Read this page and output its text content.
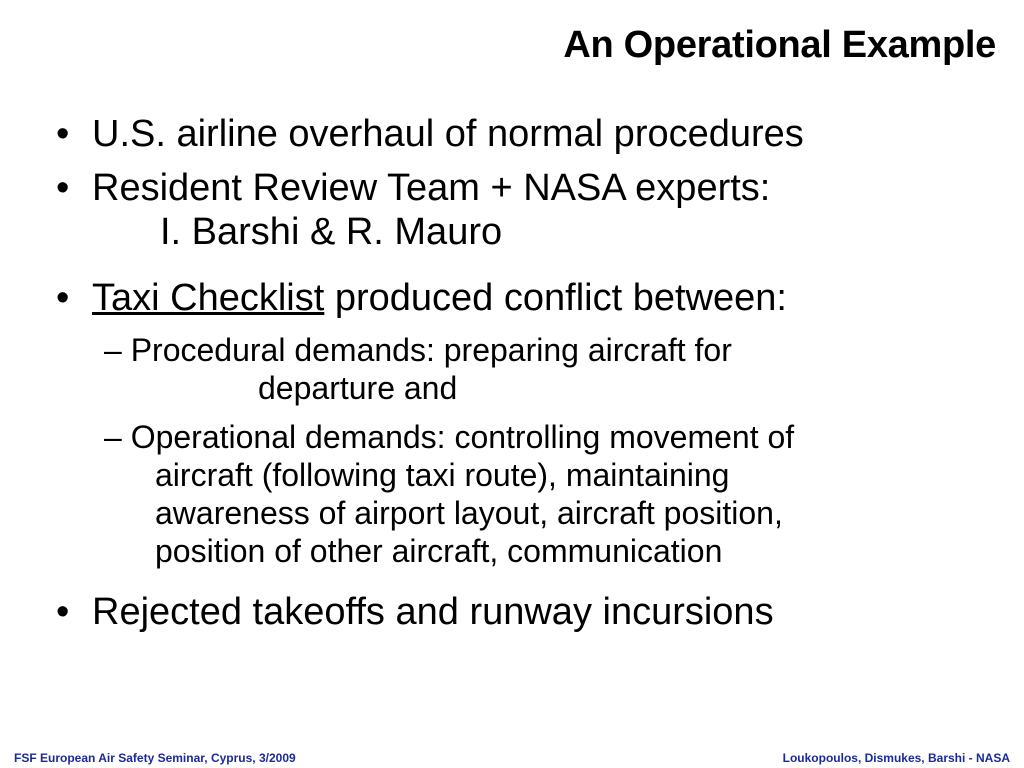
An Operational Example
• U.S. airline overhaul of normal procedures
• Resident Review Team + NASA experts:
I. Barshi & R. Mauro
• Taxi Checklist produced conflict between:
– Procedural demands: preparing aircraft for
departure and
– Operational demands: controlling movement of
aircraft (following taxi route), maintaining
awareness of airport layout, aircraft position,
position of other aircraft, communication
• Rejected takeoffs and runway incursions
FSF European Air Safety Seminar, Cyprus, 3/2009	Loukopoulos, Dismukes, Barshi - NASA
